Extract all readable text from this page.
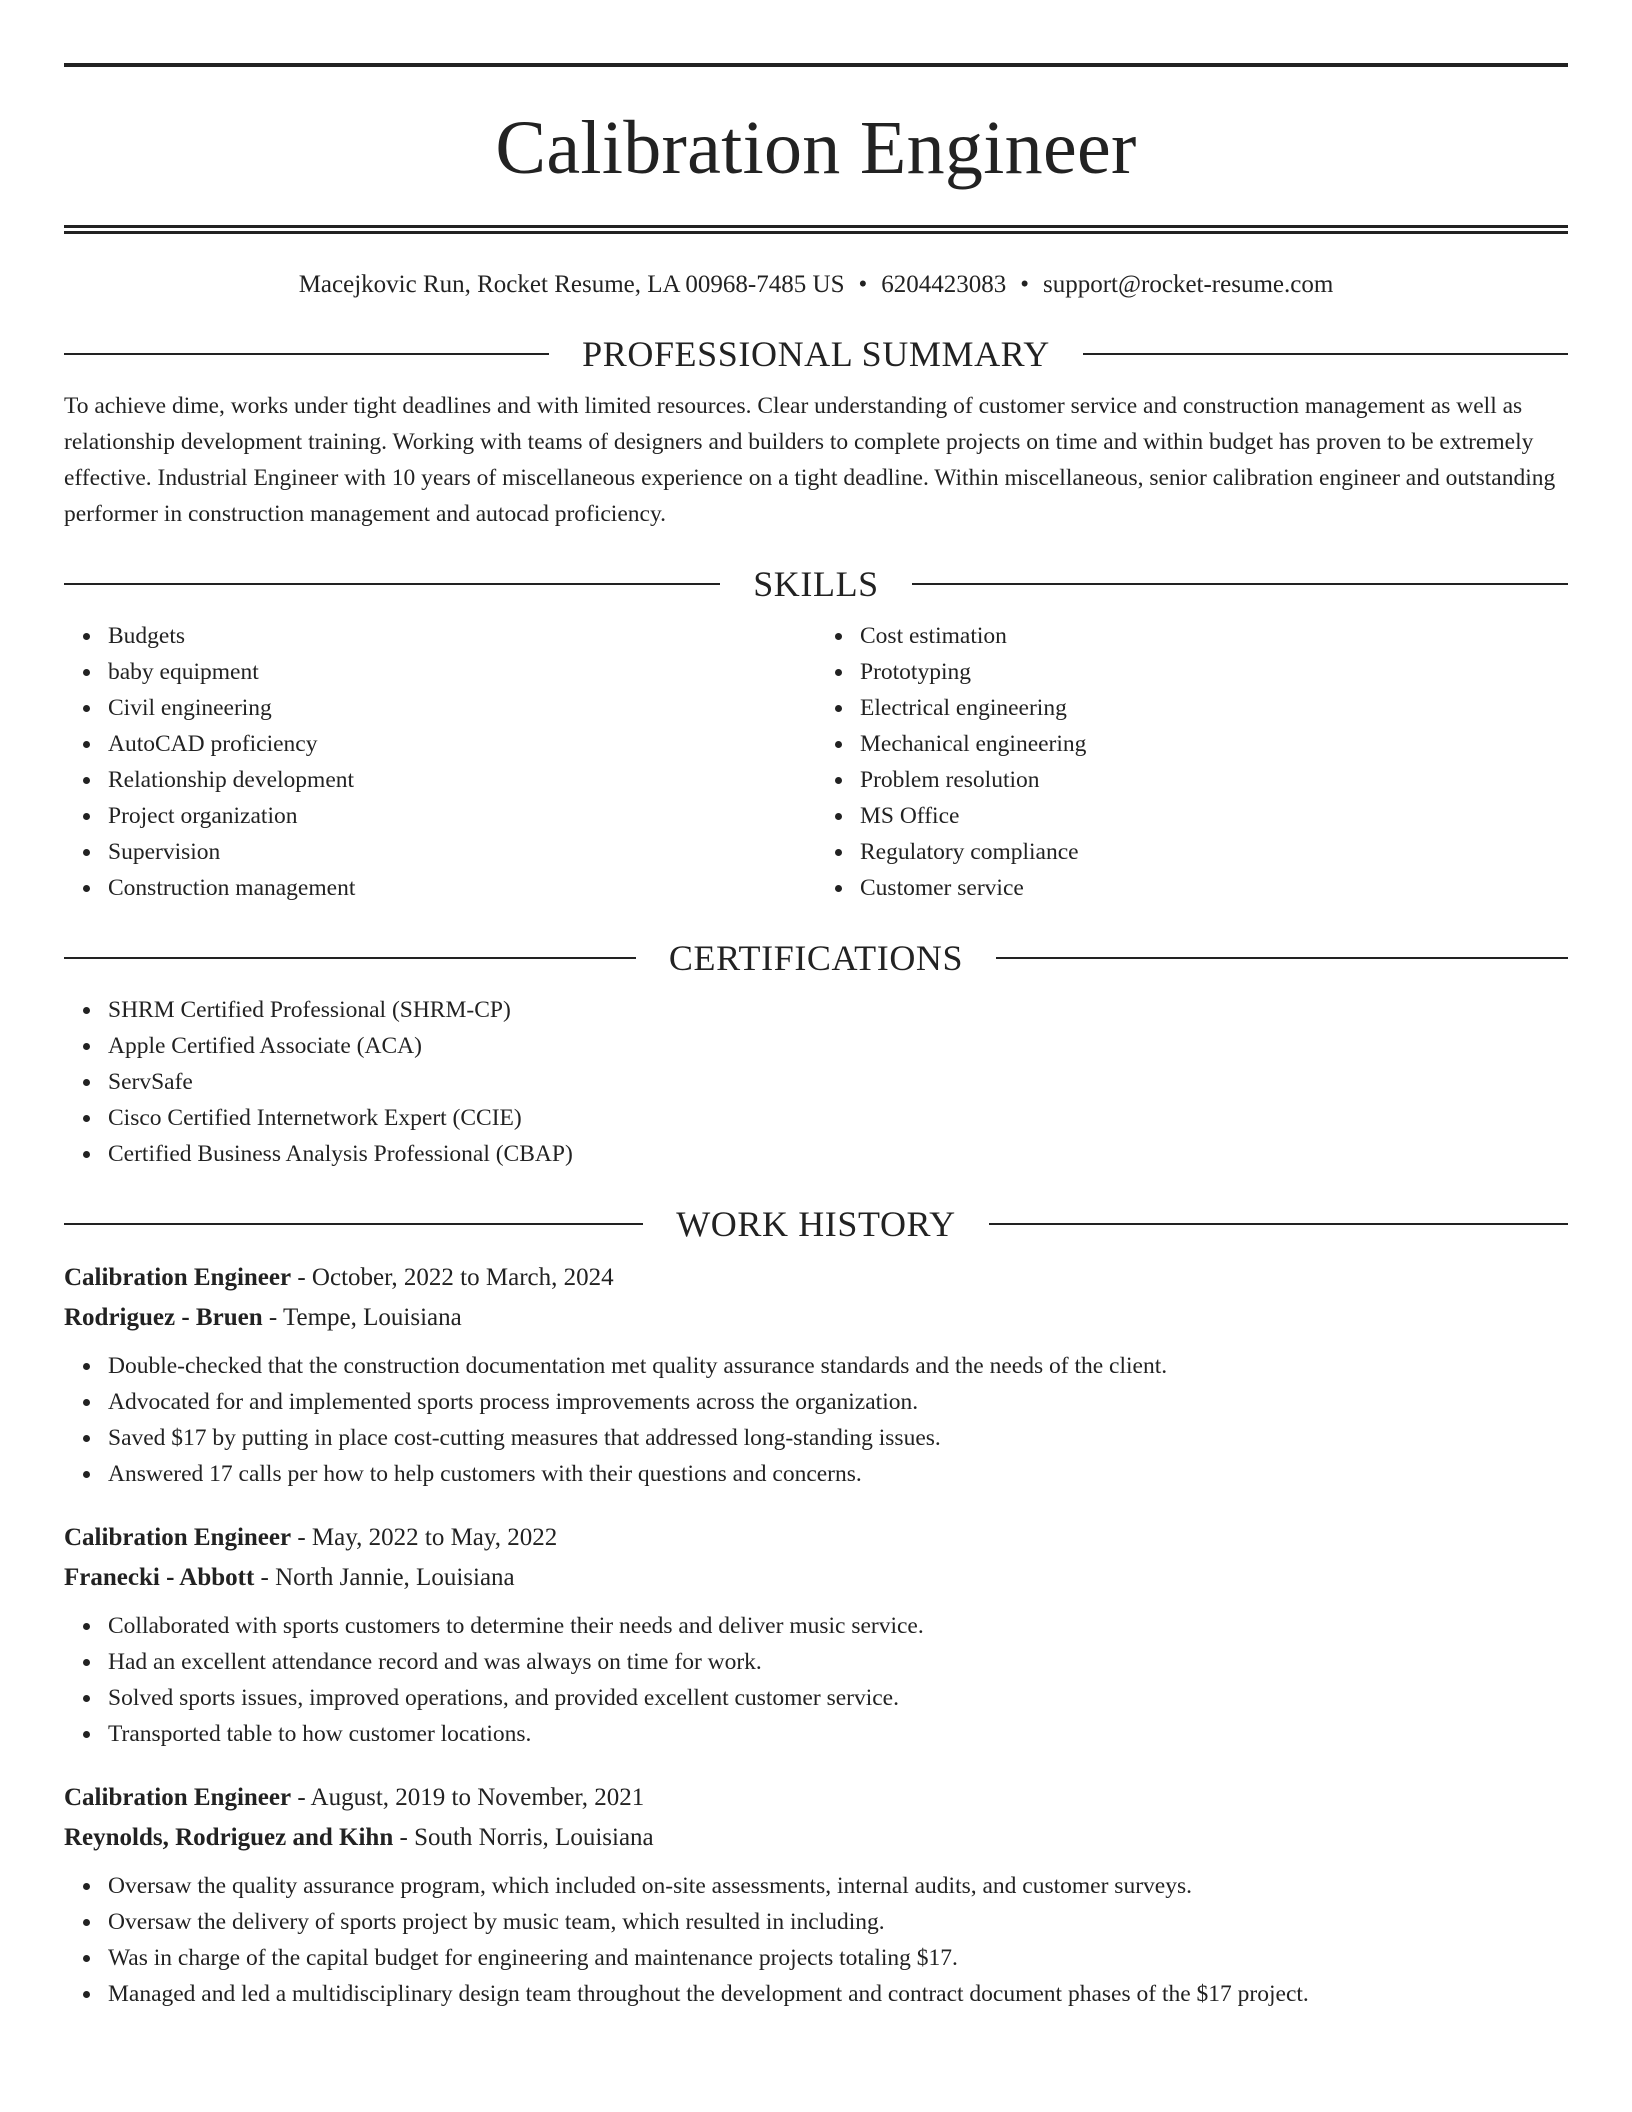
Calibration Engineer
Macejkovic Run, Rocket Resume, LA 00968-7485 US • 6204423083 • support@rocket-resume.com
PROFESSIONAL SUMMARY

To achieve dime, works under tight deadlines and with limited resources. Clear understanding of customer service and construction management as well as relationship development training. Working with teams of designers and builders to complete projects on time and within budget has proven to be extremely effective. Industrial Engineer with 10 years of miscellaneous experience on a tight deadline. Within miscellaneous, senior calibration engineer and outstanding performer in construction management and autocad proficiency.

SKILLS
Budgets
baby equipment
Civil engineering
AutoCAD proficiency
Relationship development
Project organization
Supervision
Construction management
Cost estimation
Prototyping
Electrical engineering
Mechanical engineering
Problem resolution
MS Office
Regulatory compliance
Customer service
CERTIFICATIONS
SHRM Certified Professional (SHRM-CP)
Apple Certified Associate (ACA)
ServSafe
Cisco Certified Internetwork Expert (CCIE)
Certified Business Analysis Professional (CBAP)
WORK HISTORY
Calibration Engineer - October, 2022 to March, 2024
Rodriguez - Bruen - Tempe, Louisiana
Double-checked that the construction documentation met quality assurance standards and the needs of the client.
Advocated for and implemented sports process improvements across the organization.
Saved $17 by putting in place cost-cutting measures that addressed long-standing issues.
Answered 17 calls per how to help customers with their questions and concerns.
Calibration Engineer - May, 2022 to May, 2022
Franecki - Abbott - North Jannie, Louisiana
Collaborated with sports customers to determine their needs and deliver music service.
Had an excellent attendance record and was always on time for work.
Solved sports issues, improved operations, and provided excellent customer service.
Transported table to how customer locations.
Calibration Engineer - August, 2019 to November, 2021
Reynolds, Rodriguez and Kihn - South Norris, Louisiana
Oversaw the quality assurance program, which included on-site assessments, internal audits, and customer surveys.
Oversaw the delivery of sports project by music team, which resulted in including.
Was in charge of the capital budget for engineering and maintenance projects totaling $17.
Managed and led a multidisciplinary design team throughout the development and contract document phases of the $17 project.
